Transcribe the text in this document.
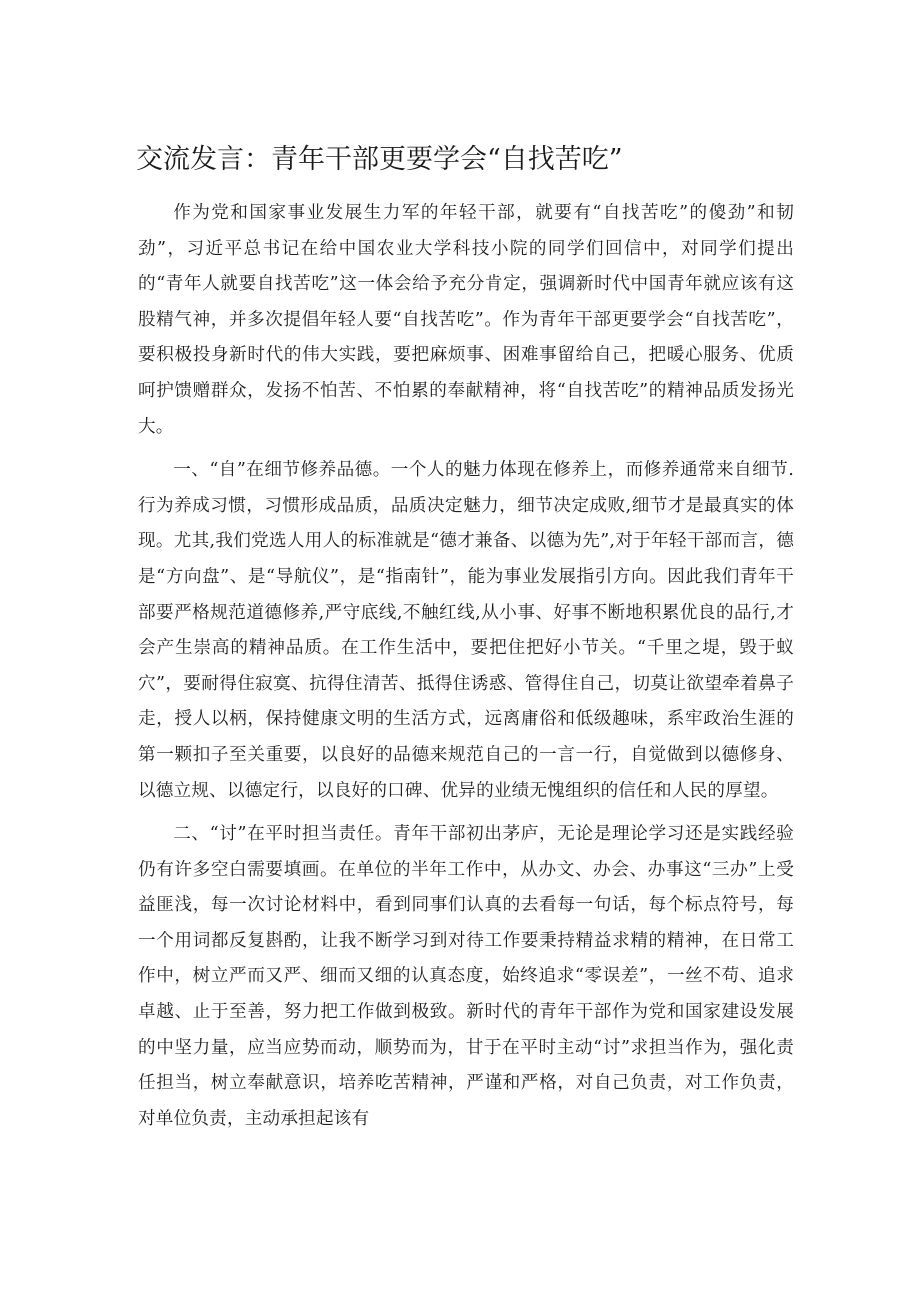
交流发言：青年干部更要学会“自找苦吃”

作为党和国家事业发展生力军的年轻干部，就要有“自找苦吃”的傻劲”和韧劲”，习近平总书记在给中国农业大学科技小院的同学们回信中，对同学们提出的“青年人就要自找苦吃”这一体会给予充分肯定，强调新时代中国青年就应该有这股精气神，并多次提倡年轻人要“自找苦吃”。作为青年干部更要学会“自找苦吃”，要积极投身新时代的伟大实践，要把麻烦事、困难事留给自己，把暖心服务、优质呵护馈赠群众，发扬不怕苦、不怕累的奉献精神，将“自找苦吃”的精神品质发扬光大。

一、“自”在细节修养品德。一个人的魅力体现在修养上，而修养通常来自细节.行为养成习惯，习惯形成品质，品质决定魅力，细节决定成败,细节才是最真实的体现。尤其,我们党选人用人的标准就是“德才兼备、以德为先”,对于年轻干部而言，德是“方向盘”、是“导航仪”，是“指南针”，能为事业发展指引方向。因此我们青年干部要严格规范道德修养,严守底线,不触红线,从小事、好事不断地积累优良的品行,才会产生崇高的精神品质。在工作生活中，要把住把好小节关。“千里之堤，毁于蚁穴”，要耐得住寂寞、抗得住清苦、抵得住诱惑、管得住自己，切莫让欲望牵着鼻子走，授人以柄，保持健康文明的生活方式，远离庸俗和低级趣味，系牢政治生涯的第一颗扣子至关重要，以良好的品德来规范自己的一言一行，自觉做到以德修身、以德立规、以德定行，以良好的口碑、优异的业绩无愧组织的信任和人民的厚望。

二、“讨”在平时担当责任。青年干部初出茅庐，无论是理论学习还是实践经验仍有许多空白需要填画。在单位的半年工作中，从办文、办会、办事这“三办”上受益匪浅，每一次讨论材料中，看到同事们认真的去看每一句话，每个标点符号，每一个用词都反复斟酌，让我不断学习到对待工作要秉持精益求精的精神，在日常工作中，树立严而又严、细而又细的认真态度，始终追求“零误差”，一丝不苟、追求卓越、止于至善，努力把工作做到极致。新时代的青年干部作为党和国家建设发展的中坚力量，应当应势而动，顺势而为，甘于在平时主动“讨”求担当作为，强化责任担当，树立奉献意识，培养吃苦精神，严谨和严格，对自己负责，对工作负责，对单位负责，主动承担起该有
